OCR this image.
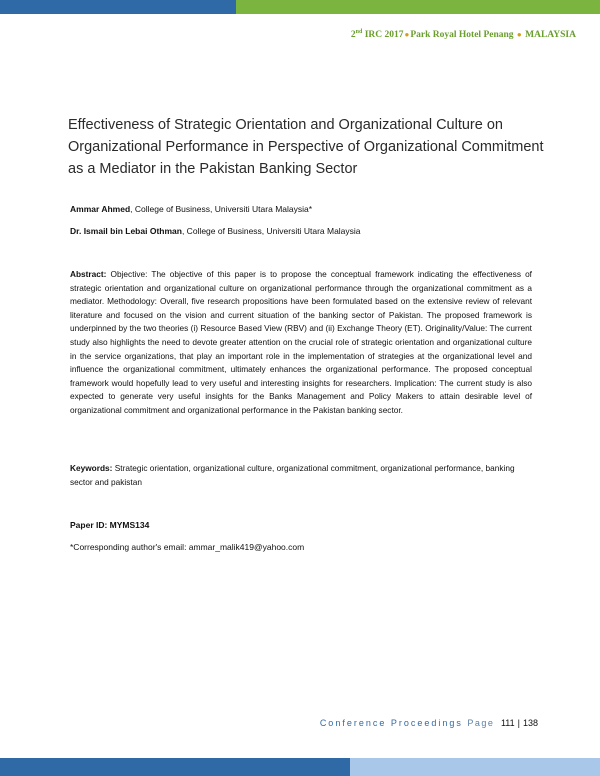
2nd IRC 2017●Park Royal Hotel Penang ● MALAYSIA
Effectiveness of Strategic Orientation and Organizational Culture on Organizational Performance in Perspective of Organizational Commitment as a Mediator in the Pakistan Banking Sector
Ammar Ahmed, College of Business, Universiti Utara Malaysia*
Dr. Ismail bin Lebai Othman, College of Business, Universiti Utara Malaysia

Abstract: Objective: The objective of this paper is to propose the conceptual framework indicating the effectiveness of strategic orientation and organizational culture on organizational performance through the organizational commitment as a mediator. Methodology: Overall, five research propositions have been formulated based on the extensive review of relevant literature and focused on the vision and current situation of the banking sector of Pakistan. The proposed framework is underpinned by the two theories (i) Resource Based View (RBV) and (ii) Exchange Theory (ET). Originality/Value: The current study also highlights the need to devote greater attention on the crucial role of strategic orientation and organizational culture in the service organizations, that play an important role in the implementation of strategies at the organizational level and influence the organizational commitment, ultimately enhances the organizational performance. The proposed conceptual framework would hopefully lead to very useful and interesting insights for researchers. Implication: The current study is also expected to generate very useful insights for the Banks Management and Policy Makers to attain desirable level of organizational commitment and organizational performance in the Pakistan banking sector.

Keywords: Strategic orientation, organizational culture, organizational commitment, organizational performance, banking sector and pakistan

Paper ID: MYMS134
*Corresponding author's email: ammar_malik419@yahoo.com
Conference Proceedings Page 111 | 138
